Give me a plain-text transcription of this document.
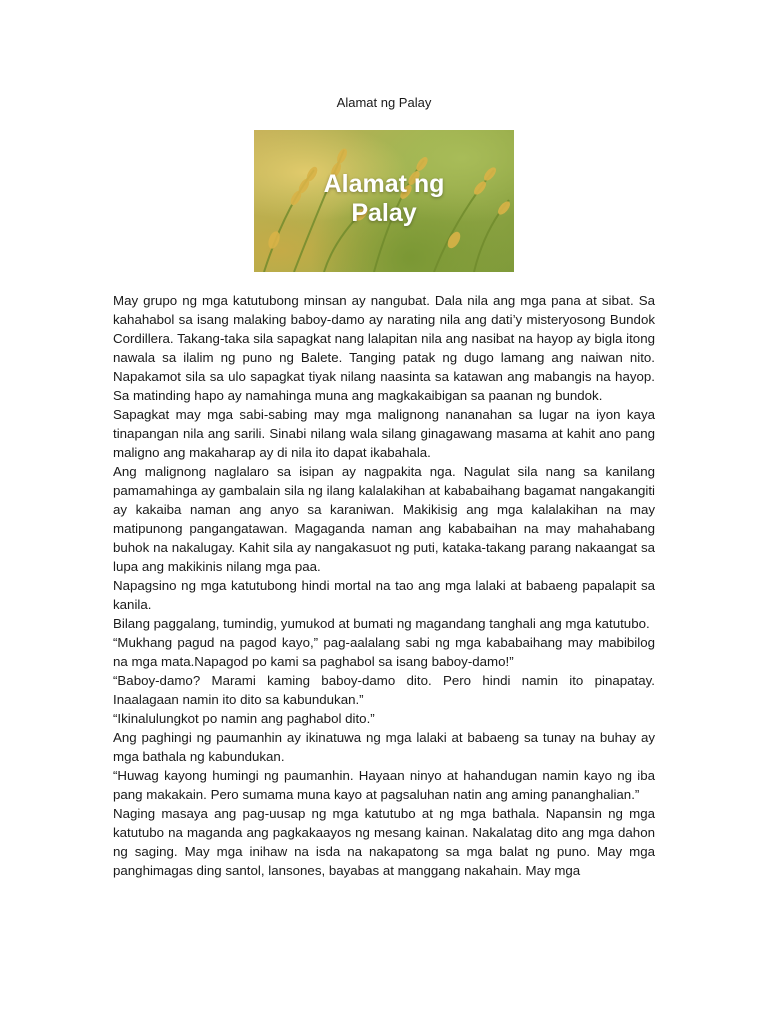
Alamat ng Palay
Alamat ng
Palay

May grupo ng mga katutubong minsan ay nangubat. Dala nila ang mga pana at sibat. Sa kahahabol sa isang malaking baboy-damo ay narating nila ang dati’y misteryosong Bundok Cordillera. Takang-taka sila sapagkat nang lalapitan nila ang nasibat na hayop ay bigla itong nawala sa ilalim ng puno ng Balete. Tanging patak ng dugo lamang ang naiwan nito. Napakamot sila sa ulo sapagkat tiyak nilang naasinta sa katawan ang mabangis na hayop. Sa matinding hapo ay namahinga muna ang magkakaibigan sa paanan ng bundok.

Sapagkat may mga sabi-sabing may mga malignong nananahan sa lugar na iyon kaya tinapangan nila ang sarili. Sinabi nilang wala silang ginagawang masama at kahit ano pang maligno ang makaharap ay di nila ito dapat ikabahala.

Ang malignong naglalaro sa isipan ay nagpakita nga. Nagulat sila nang sa kanilang pamamahinga ay gambalain sila ng ilang kalalakihan at kababaihang bagamat nangakangiti ay kakaiba naman ang anyo sa karaniwan. Makikisig ang mga kalalakihan na may matipunong pangangatawan. Magaganda naman ang kababaihan na may mahahabang buhok na nakalugay. Kahit sila ay nangakasuot ng puti, kataka-takang parang nakaangat sa lupa ang makikinis nilang mga paa.

Napagsino ng mga katutubong hindi mortal na tao ang mga lalaki at babaeng papalapit sa kanila.

Bilang paggalang, tumindig, yumukod at bumati ng magandang tanghali ang mga katutubo.

“Mukhang pagud na pagod kayo,” pag-aalalang sabi ng mga kababaihang may mabibilog na mga mata.Napagod po kami sa paghabol sa isang baboy-damo!”

“Baboy-damo? Marami kaming baboy-damo dito. Pero hindi namin ito pinapatay. Inaalagaan namin ito dito sa kabundukan.”

“Ikinalulungkot po namin ang paghabol dito.”

Ang paghingi ng paumanhin ay ikinatuwa ng mga lalaki at babaeng sa tunay na buhay ay mga bathala ng kabundukan.

“Huwag kayong humingi ng paumanhin. Hayaan ninyo at hahandugan namin kayo ng iba pang makakain. Pero sumama muna kayo at pagsaluhan natin ang aming pananghalian.”

Naging masaya ang pag-uusap ng mga katutubo at ng mga bathala. Napansin ng mga katutubo na maganda ang pagkakaayos ng mesang kainan. Nakalatag dito ang mga dahon ng saging. May mga inihaw na isda na nakapatong sa mga balat ng puno. May mga panghimagas ding santol, lansones, bayabas at manggang nakahain. May mga
